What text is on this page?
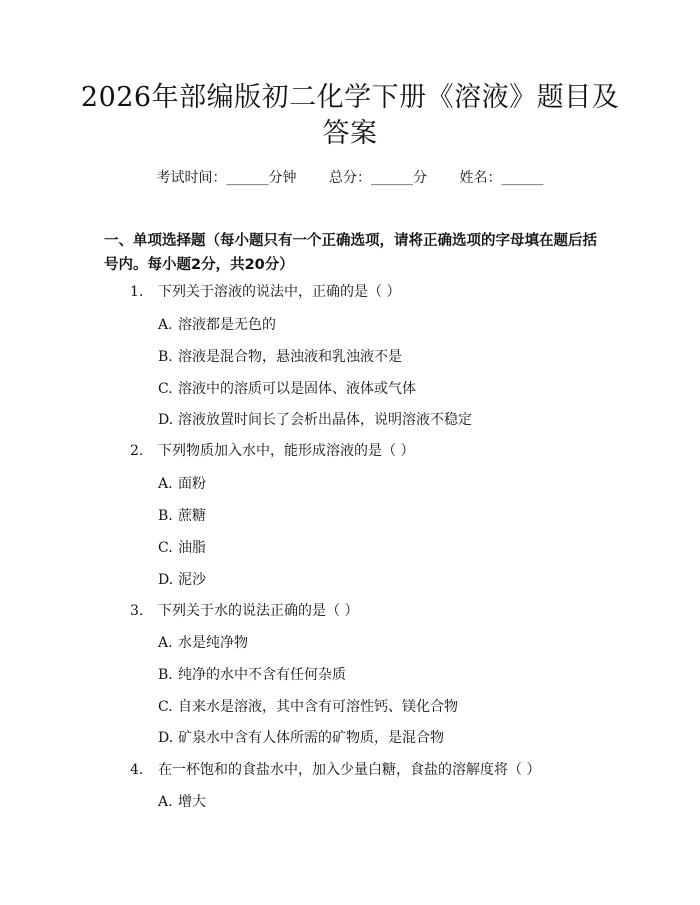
2026年部编版初二化学下册《溶液》题目及
答案
考试时间：______分钟 总分：______分 姓名：______
一、单项选择题（每小题只有一个正确选项，请将正确选项的字母填在题后括号内。每小题2分，共20分）
1. 下列关于溶液的说法中，正确的是（ ）
A. 溶液都是无色的
B. 溶液是混合物，悬浊液和乳浊液不是
C. 溶液中的溶质可以是固体、液体或气体
D. 溶液放置时间长了会析出晶体，说明溶液不稳定
2. 下列物质加入水中，能形成溶液的是（ ）
A. 面粉
B. 蔗糖
C. 油脂
D. 泥沙
3. 下列关于水的说法正确的是（ ）
A. 水是纯净物
B. 纯净的水中不含有任何杂质
C. 自来水是溶液，其中含有可溶性钙、镁化合物
D. 矿泉水中含有人体所需的矿物质，是混合物
4. 在一杯饱和的食盐水中，加入少量白糖，食盐的溶解度将（ ）
A. 增大
